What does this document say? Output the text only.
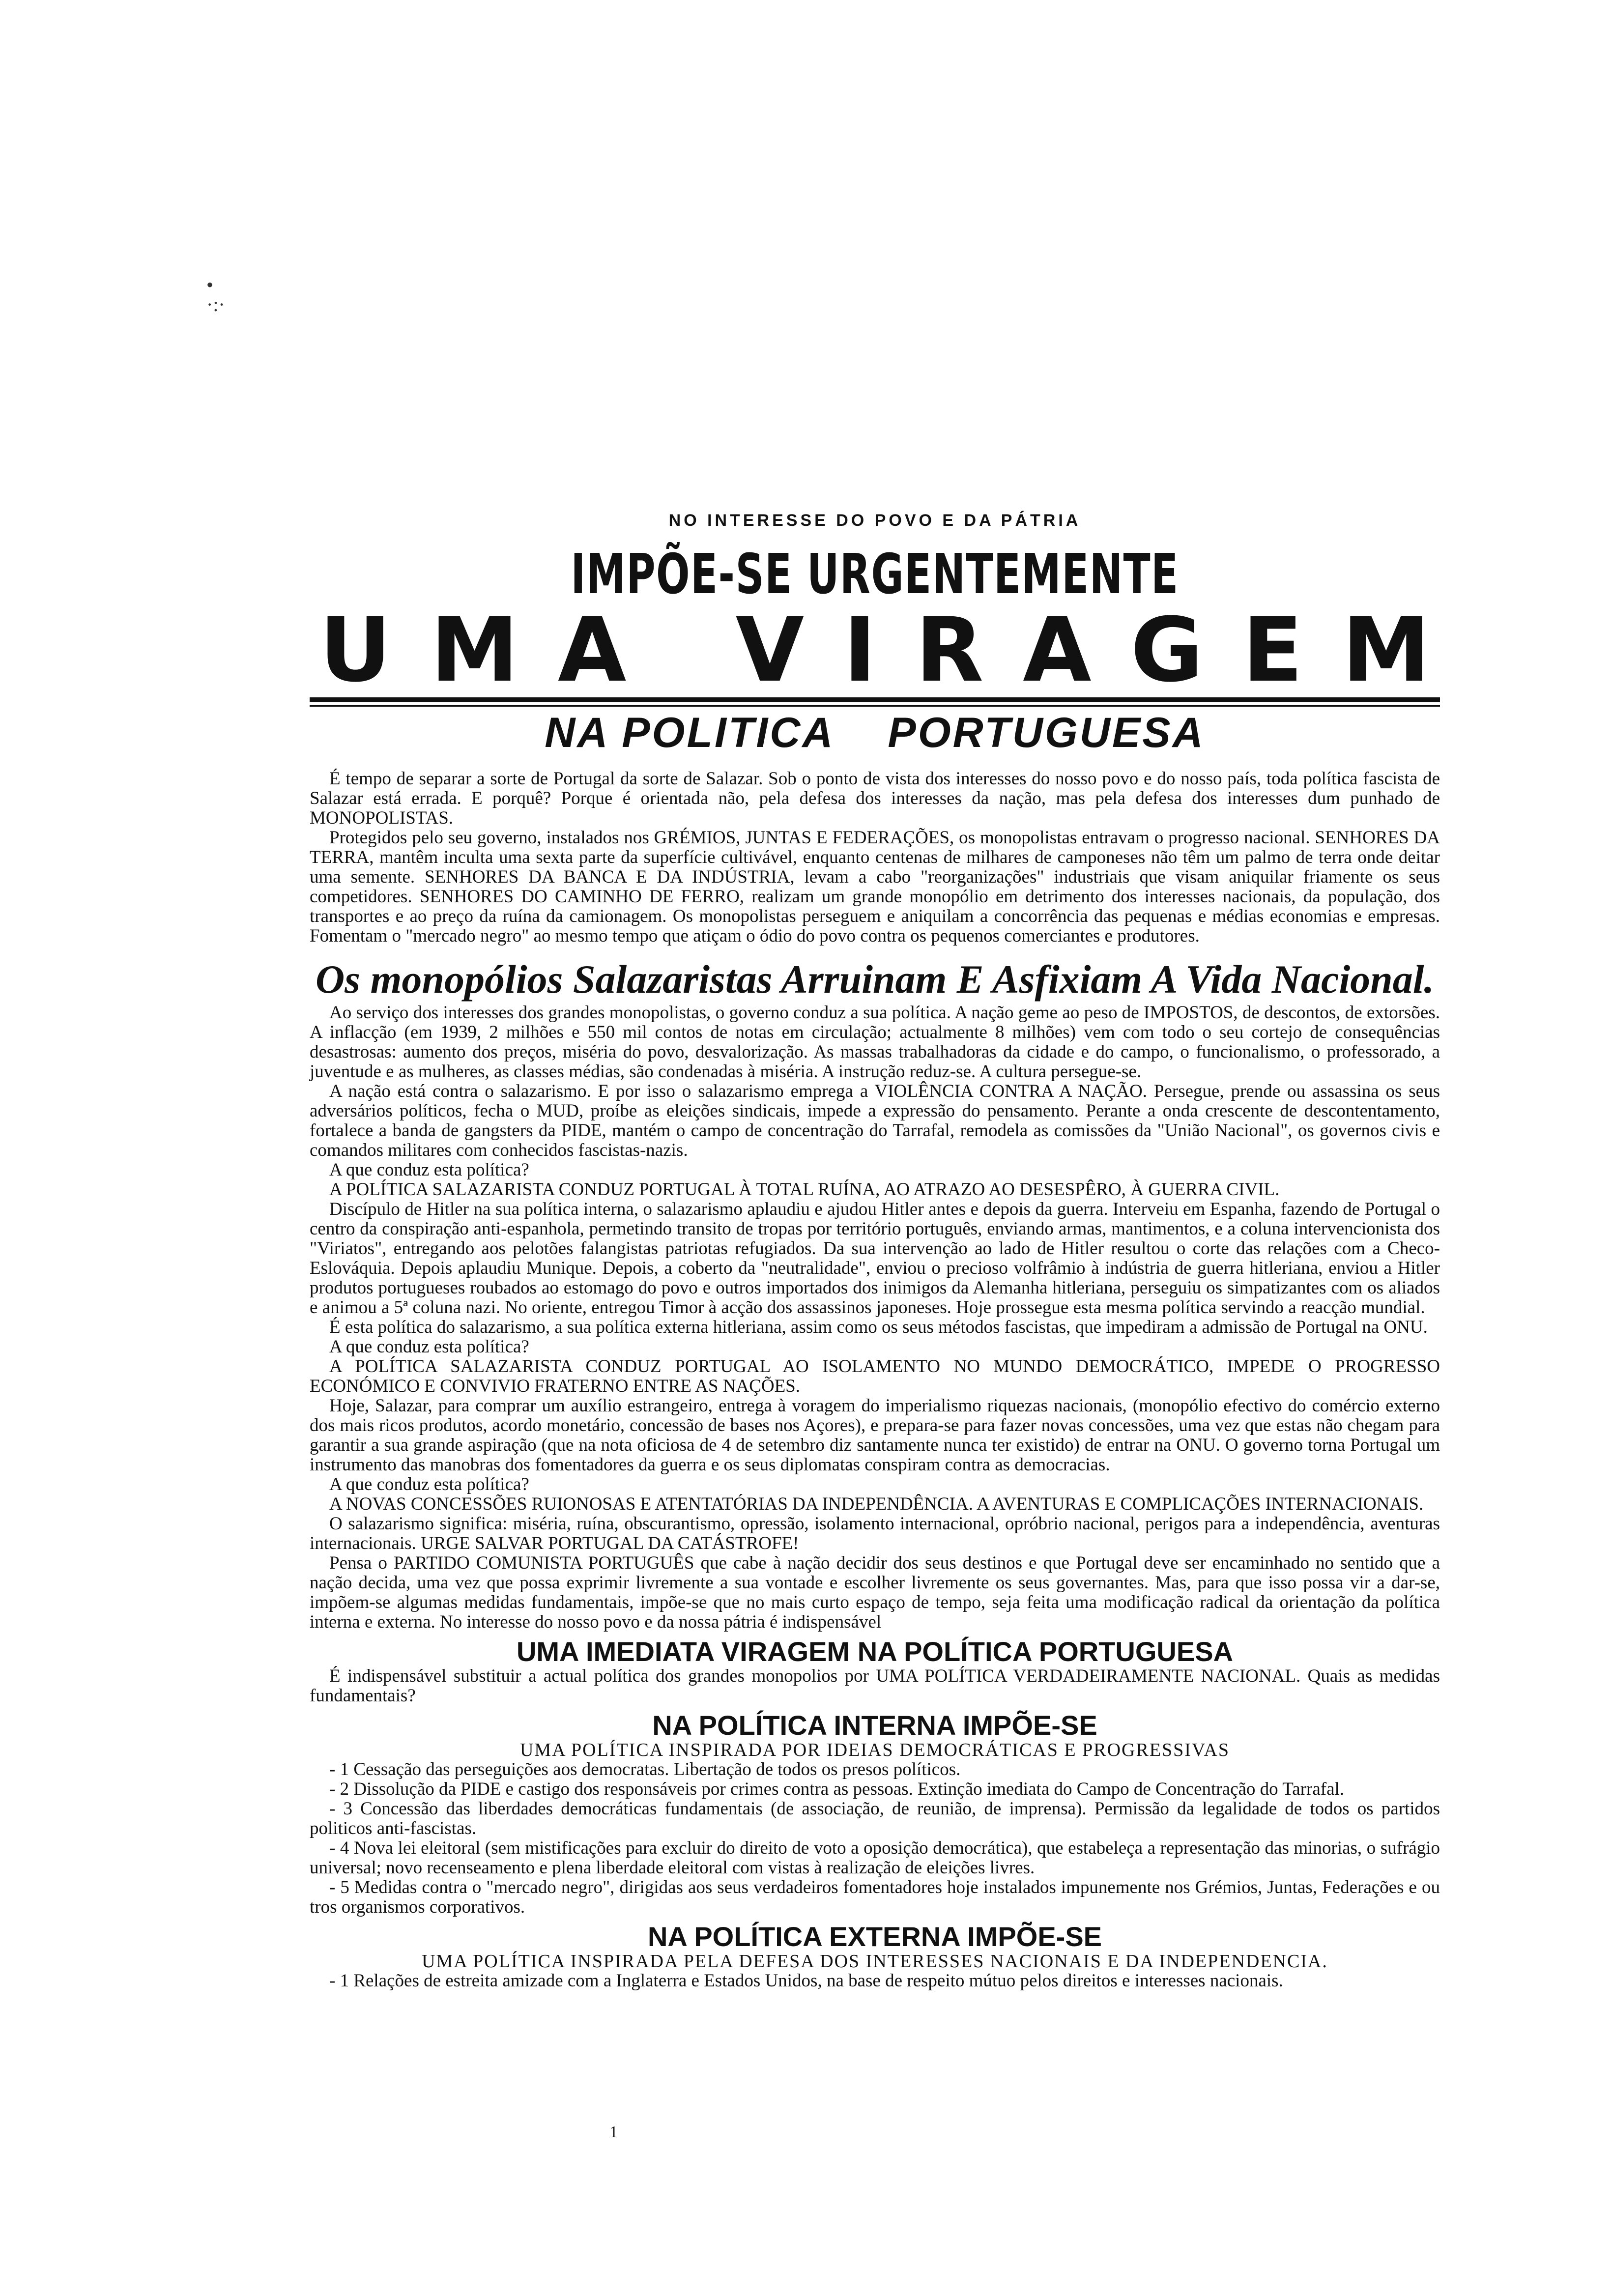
•
·:·
NO INTERESSE DO POVO E DA PÁTRIA
IMPÕE-SE URGENTEMENTE
U M A
V I R A G E M
NA POLITICA PORTUGUESA

É tempo de separar a sorte de Portugal da sorte de Salazar. Sob o ponto de vista dos interesses do nosso povo e do nosso país, toda política fascista de Salazar está errada. E porquê? Porque é orientada não, pela defesa dos interesses da nação, mas pela defesa dos interesses dum punhado de MONOPOLISTAS.

Protegidos pelo seu governo, instalados nos GRÉMIOS, JUNTAS E FEDERAÇÕES, os monopolistas entravam o progresso nacional. SENHORES DA TERRA, mantêm inculta uma sexta parte da superfície cultivável, enquanto centenas de milhares de camponeses não têm um palmo de terra onde deitar uma semente. SENHORES DA BANCA E DA INDÚSTRIA, levam a cabo "reorganizações" industriais que visam aniquilar friamente os seus competidores. SENHORES DO CAMINHO DE FERRO, realizam um grande monopólio em detrimento dos interesses nacionais, da população, dos transportes e ao preço da ruína da camionagem. Os monopolistas perseguem e aniquilam a concorrência das pequenas e médias economias e empresas. Fomentam o "mercado negro" ao mesmo tempo que atiçam o ódio do povo contra os pequenos comerciantes e produtores.

Os monopólios Salazaristas Arruinam E Asfixiam A Vida Nacional.

Ao serviço dos interesses dos grandes monopolistas, o governo conduz a sua política. A nação geme ao peso de IMPOSTOS, de descontos, de extorsões. A inflacção (em 1939, 2 milhões e 550 mil contos de notas em circulação; actualmente 8 milhões) vem com todo o seu cortejo de consequências desastrosas: aumento dos preços, miséria do povo, desvalorização. As massas trabalhadoras da cidade e do campo, o funcionalismo, o professorado, a juventude e as mulheres, as classes médias, são condenadas à miséria. A instrução reduz-se. A cultura persegue-se.

A nação está contra o salazarismo. E por isso o salazarismo emprega a VIOLÊNCIA CONTRA A NAÇÃO. Persegue, prende ou assassina os seus adversários políticos, fecha o MUD, proíbe as eleições sindicais, impede a expressão do pensamento. Perante a onda crescente de descontentamento, fortalece a banda de gangsters da PIDE, mantém o campo de concentração do Tarrafal, remodela as comissões da "União Nacional", os governos civis e comandos militares com conhecidos fascistas-nazis.

A que conduz esta política?

A POLÍTICA SALAZARISTA CONDUZ PORTUGAL À TOTAL RUÍNA, AO ATRAZO AO DESESPÊRO, À GUERRA CIVIL.

Discípulo de Hitler na sua política interna, o salazarismo aplaudiu e ajudou Hitler antes e depois da guerra. Interveiu em Espanha, fazendo de Portugal o centro da conspiração anti-espanhola, permetindo transito de tropas por território português, enviando armas, mantimentos, e a coluna intervencionista dos "Viriatos", entregando aos pelotões falangistas patriotas refugiados. Da sua intervenção ao lado de Hitler resultou o corte das relações com a Checo-Eslováquia. Depois aplaudiu Munique. Depois, a coberto da "neutralidade", enviou o precioso volfrâmio à indústria de guerra hitleriana, enviou a Hitler produtos portugueses roubados ao estomago do povo e outros importados dos inimigos da Alemanha hitleriana, perseguiu os simpatizantes com os aliados e animou a 5ª coluna nazi. No oriente, entregou Timor à acção dos assassinos japoneses. Hoje prossegue esta mesma política servindo a reacção mundial.

É esta política do salazarismo, a sua política externa hitleriana, assim como os seus métodos fascistas, que impediram a admissão de Portugal na ONU.

A que conduz esta política?

A POLÍTICA SALAZARISTA CONDUZ PORTUGAL AO ISOLAMENTO NO MUNDO DEMOCRÁTICO, IMPEDE O PROGRESSO ECONÓMICO E CONVIVIO FRATERNO ENTRE AS NAÇÕES.

Hoje, Salazar, para comprar um auxílio estrangeiro, entrega à voragem do imperialismo riquezas nacionais, (monopólio efectivo do comércio externo dos mais ricos produtos, acordo monetário, concessão de bases nos Açores), e prepara-se para fazer novas concessões, uma vez que estas não chegam para garantir a sua grande aspiração (que na nota oficiosa de 4 de setembro diz santamente nunca ter existido) de entrar na ONU. O governo torna Portugal um instrumento das manobras dos fomentadores da guerra e os seus diplomatas conspiram contra as democracias.

A que conduz esta política?

A NOVAS CONCESSÕES RUIONOSAS E ATENTATÓRIAS DA INDEPENDÊNCIA. A AVENTURAS E COMPLICAÇÕES INTERNACIONAIS.

O salazarismo significa: miséria, ruína, obscurantismo, opressão, isolamento internacional, opróbrio nacional, perigos para a independência, aventuras internacionais. URGE SALVAR PORTUGAL DA CATÁSTROFE!

Pensa o PARTIDO COMUNISTA PORTUGUÊS que cabe à nação decidir dos seus destinos e que Portugal deve ser encaminhado no sentido que a nação decida, uma vez que possa exprimir livremente a sua vontade e escolher livremente os seus governantes. Mas, para que isso possa vir a dar-se, impõem-se algumas medidas fundamentais, impõe-se que no mais curto espaço de tempo, seja feita uma modificação radical da orientação da política interna e externa. No interesse do nosso povo e da nossa pátria é indispensável

UMA IMEDIATA VIRAGEM NA POLÍTICA PORTUGUESA

É indispensável substituir a actual política dos grandes monopolios por UMA POLÍTICA VERDADEIRAMENTE NACIONAL. Quais as medidas fundamentais?

NA POLÍTICA INTERNA IMPÕE-SE
UMA POLÍTICA INSPIRADA POR IDEIAS DEMOCRÁTICAS E PROGRESSIVAS

- 1 Cessação das perseguições aos democratas. Libertação de todos os presos políticos.

- 2 Dissolução da PIDE e castigo dos responsáveis por crimes contra as pessoas. Extinção imediata do Campo de Concentração do Tarrafal.

- 3 Concessão das liberdades democráticas fundamentais (de associação, de reunião, de imprensa). Permissão da legalidade de todos os partidos politicos anti-fascistas.

- 4 Nova lei eleitoral (sem mistificações para excluir do direito de voto a oposição democrática), que estabeleça a representação das minorias, o sufrágio universal; novo recenseamento e plena liberdade eleitoral com vistas à realização de eleições livres.

- 5 Medidas contra o "mercado negro", dirigidas aos seus verdadeiros fomentadores hoje instalados impunemente nos Grémios, Juntas, Federações e ou tros organismos corporativos.

NA POLÍTICA EXTERNA IMPÕE-SE
UMA POLÍTICA INSPIRADA PELA DEFESA DOS INTERESSES NACIONAIS E DA INDEPENDENCIA.

- 1 Relações de estreita amizade com a Inglaterra e Estados Unidos, na base de respeito mútuo pelos direitos e interesses nacionais.

1
